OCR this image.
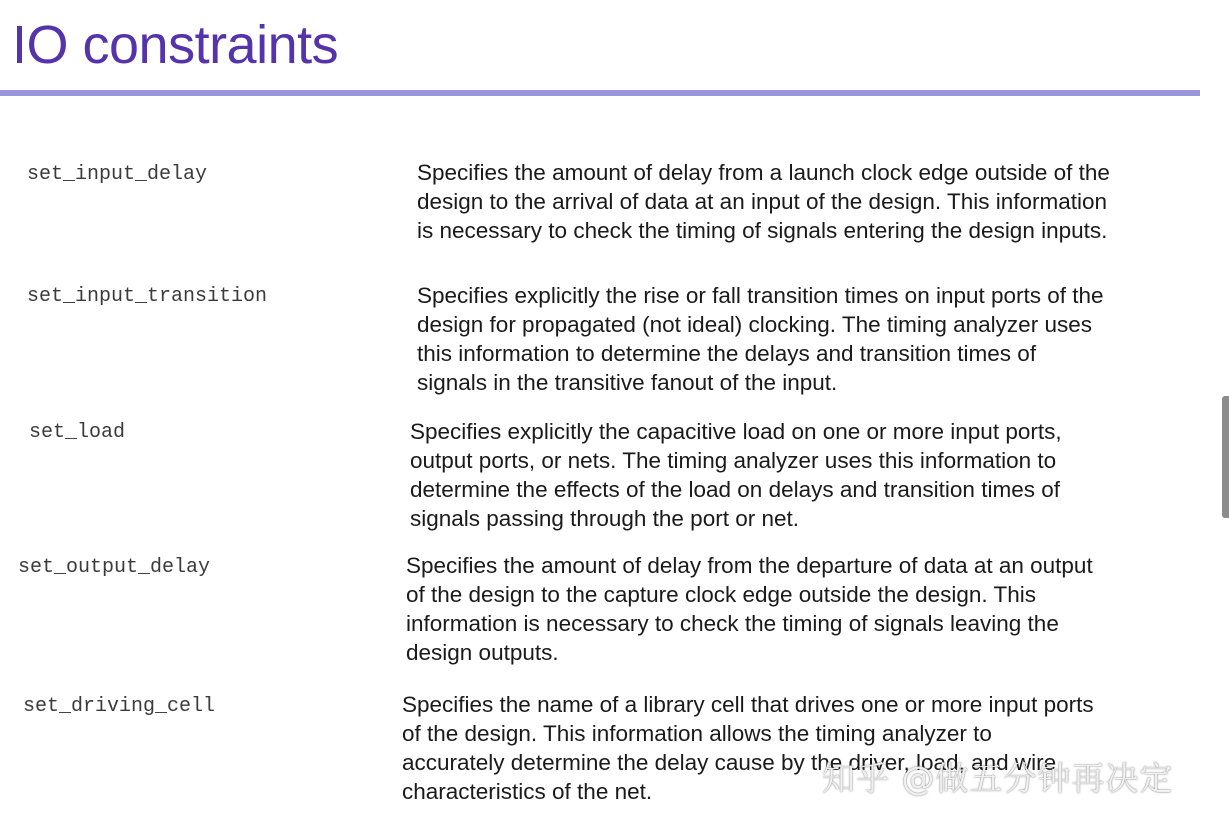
IO constraints
set_input_delay	Specifies the amount of delay from a launch clock edge outside of the
design to the arrival of data at an input of the design. This information
is necessary to check the timing of signals entering the design inputs.
set_input_transition	Specifies explicitly the rise or fall transition times on input ports of the
design for propagated (not ideal) clocking. The timing analyzer uses
this information to determine the delays and transition times of
signals in the transitive fanout of the input.
set_load	Specifies explicitly the capacitive load on one or more input ports,
output ports, or nets. The timing analyzer uses this information to
determine the effects of the load on delays and transition times of
signals passing through the port or net.
set_output_delay	Specifies the amount of delay from the departure of data at an output
of the design to the capture clock edge outside the design. This
information is necessary to check the timing of signals leaving the
design outputs.
set_driving_cell	Specifies the name of a library cell that drives one or more input ports
of the design. This information allows the timing analyzer to
accurately determine the delay cause by the driver, load, and wire
characteristics of the net.	知乎 @做五分钟再决定
